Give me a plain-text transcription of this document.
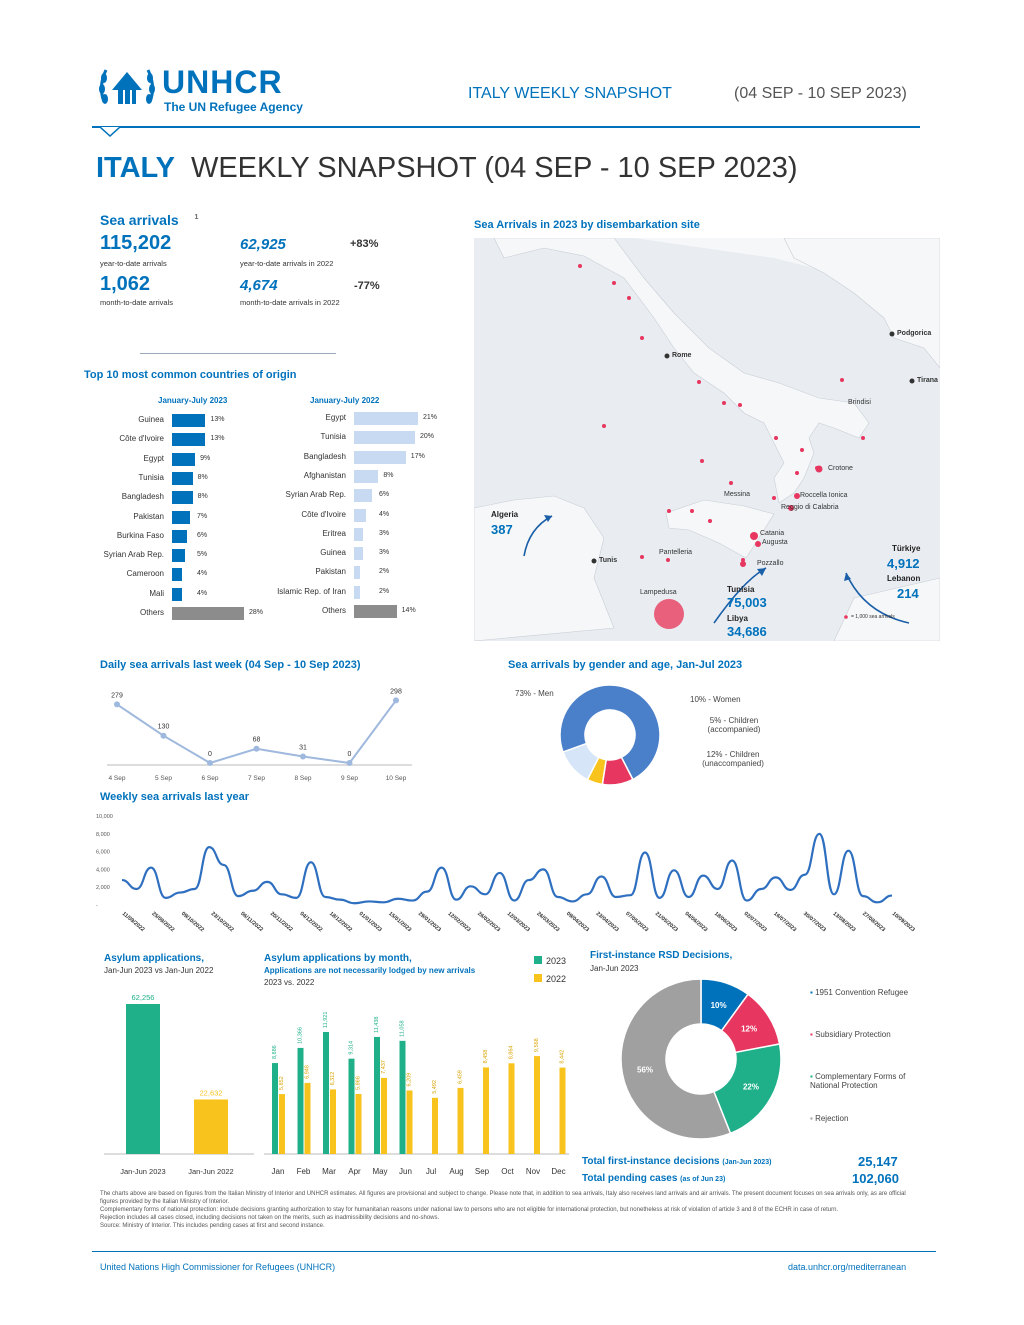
UNHCR
The UN Refugee Agency
ITALY WEEKLY SNAPSHOT	(04 SEP - 10 SEP 2023)
ITALY WEEKLY SNAPSHOT (04 SEP - 10 SEP 2023)
Sea arrivals $^1$
115,202
year-to-date arrivals
62,925	+83%
year-to-date arrivals in 2022
1,062
month-to-date arrivals
4,674	-77%
month-to-date arrivals in 2022
Top 10 most common countries of origin
January-July 2023	January-July 2022
Guinea	13%
Côte d'Ivoire	13%
Egypt	9%
Tunisia	8%
Bangladesh	8%
Pakistan	7%
Burkina Faso	6%
Syrian Arab Rep.	5%
Cameroon	4%
Mali	4%
Others	28%
Egypt	21%
Tunisia	20%
Bangladesh	17%
Afghanistan	8%
Syrian Arab Rep.	6%
Côte d'Ivoire	4%
Eritrea	3%
Guinea	3%
Pakistan	2%
Islamic Rep. of Iran	2%
Others	14%
Sea Arrivals in 2023 by disembarkation site
Rome
Brindisi
Crotone
Roccella Ionica
Reggio di Calabria
Messina
Catania
Augusta
Pozzallo
Pantelleria
Lampedusa
Tunis
Podgorica
Tirana
Algeria
387
Tunisia
75,003
Libya
34,686
Türkiye
4,912
Lebanon
214
= 1,000 sea arrivals
Daily sea arrivals last week (04 Sep - 10 Sep 2023)
279
4 Sep
130
5 Sep
0
6 Sep
68
7 Sep
31
8 Sep
0
9 Sep
298
10 Sep
Sea arrivals by gender and age, Jan-Jul 2023
73% - Men
10% - Women
5% - Children (accompanied)
12% - Children (unaccompanied)
Weekly sea arrivals last year
10,000
8,000
6,000
4,000
2,000
-
11/09/2022 25/09/2022 09/10/2022 23/10/2022 06/11/2022 20/11/2022 04/12/2022 18/12/2022 01/01/2023 15/01/2023 29/01/2023 12/02/2023 26/02/2023 12/03/2023 26/03/2023 09/04/2023 23/04/2023 07/05/2023 21/05/2023 04/06/2023 18/06/2023 02/07/2023 16/07/2023 30/07/2023 13/08/2023 27/08/2023 10/09/2023
Asylum applications,
Jan-Jun 2023 vs Jan-Jun 2022
62,256
Jan-Jun 2023
22,632
Jan-Jun 2022
Asylum applications by month,
Applications are not necessarily lodged by new arrivals
2023 vs. 2022
2023
2022
8,886
5,852
Jan
10,366
6,948
Feb
11,921
6,312
Mar
9,314
5,866
Apr
11,438
7,437
May
11,058
6,209
Jun
5,492
Jul
6,459
Aug
8,458
Sep
8,864
Oct
9,568
Nov
8,442
Dec
First-instance RSD Decisions,
Jan-Jun 2023
10%
12%
22%
56%
▪ 1951 Convention Refugee
▪ Subsidiary Protection
▪ Complementary Forms of National Protection
▪ Rejection
Total first-instance decisions (Jan-Jun 2023)	25,147
Total pending cases (as of Jun 23)	102,060
The charts above are based on figures from the Italian Ministry of Interior and UNHCR estimates. All figures are provisional and subject to change. Please note that, in addition to sea arrivals, Italy also receives land arrivals and air arrivals. The present document focuses on sea arrivals only, as are official figures provided by the Italian Ministry of Interior.
Complementary forms of national protection: include decisions granting authorization to stay for humanitarian reasons under national law to persons who are not eligible for international protection, but nonetheless at risk of violation of article 3 and 8 of the ECHR in case of return.
Rejection includes all cases closed, including decisions not taken on the merits, such as inadmissibility decisions and no-shows.
Source: Ministry of Interior. This includes pending cases at first and second instance.
United Nations High Commissioner for Refugees (UNHCR)	data.unhcr.org/mediterranean
